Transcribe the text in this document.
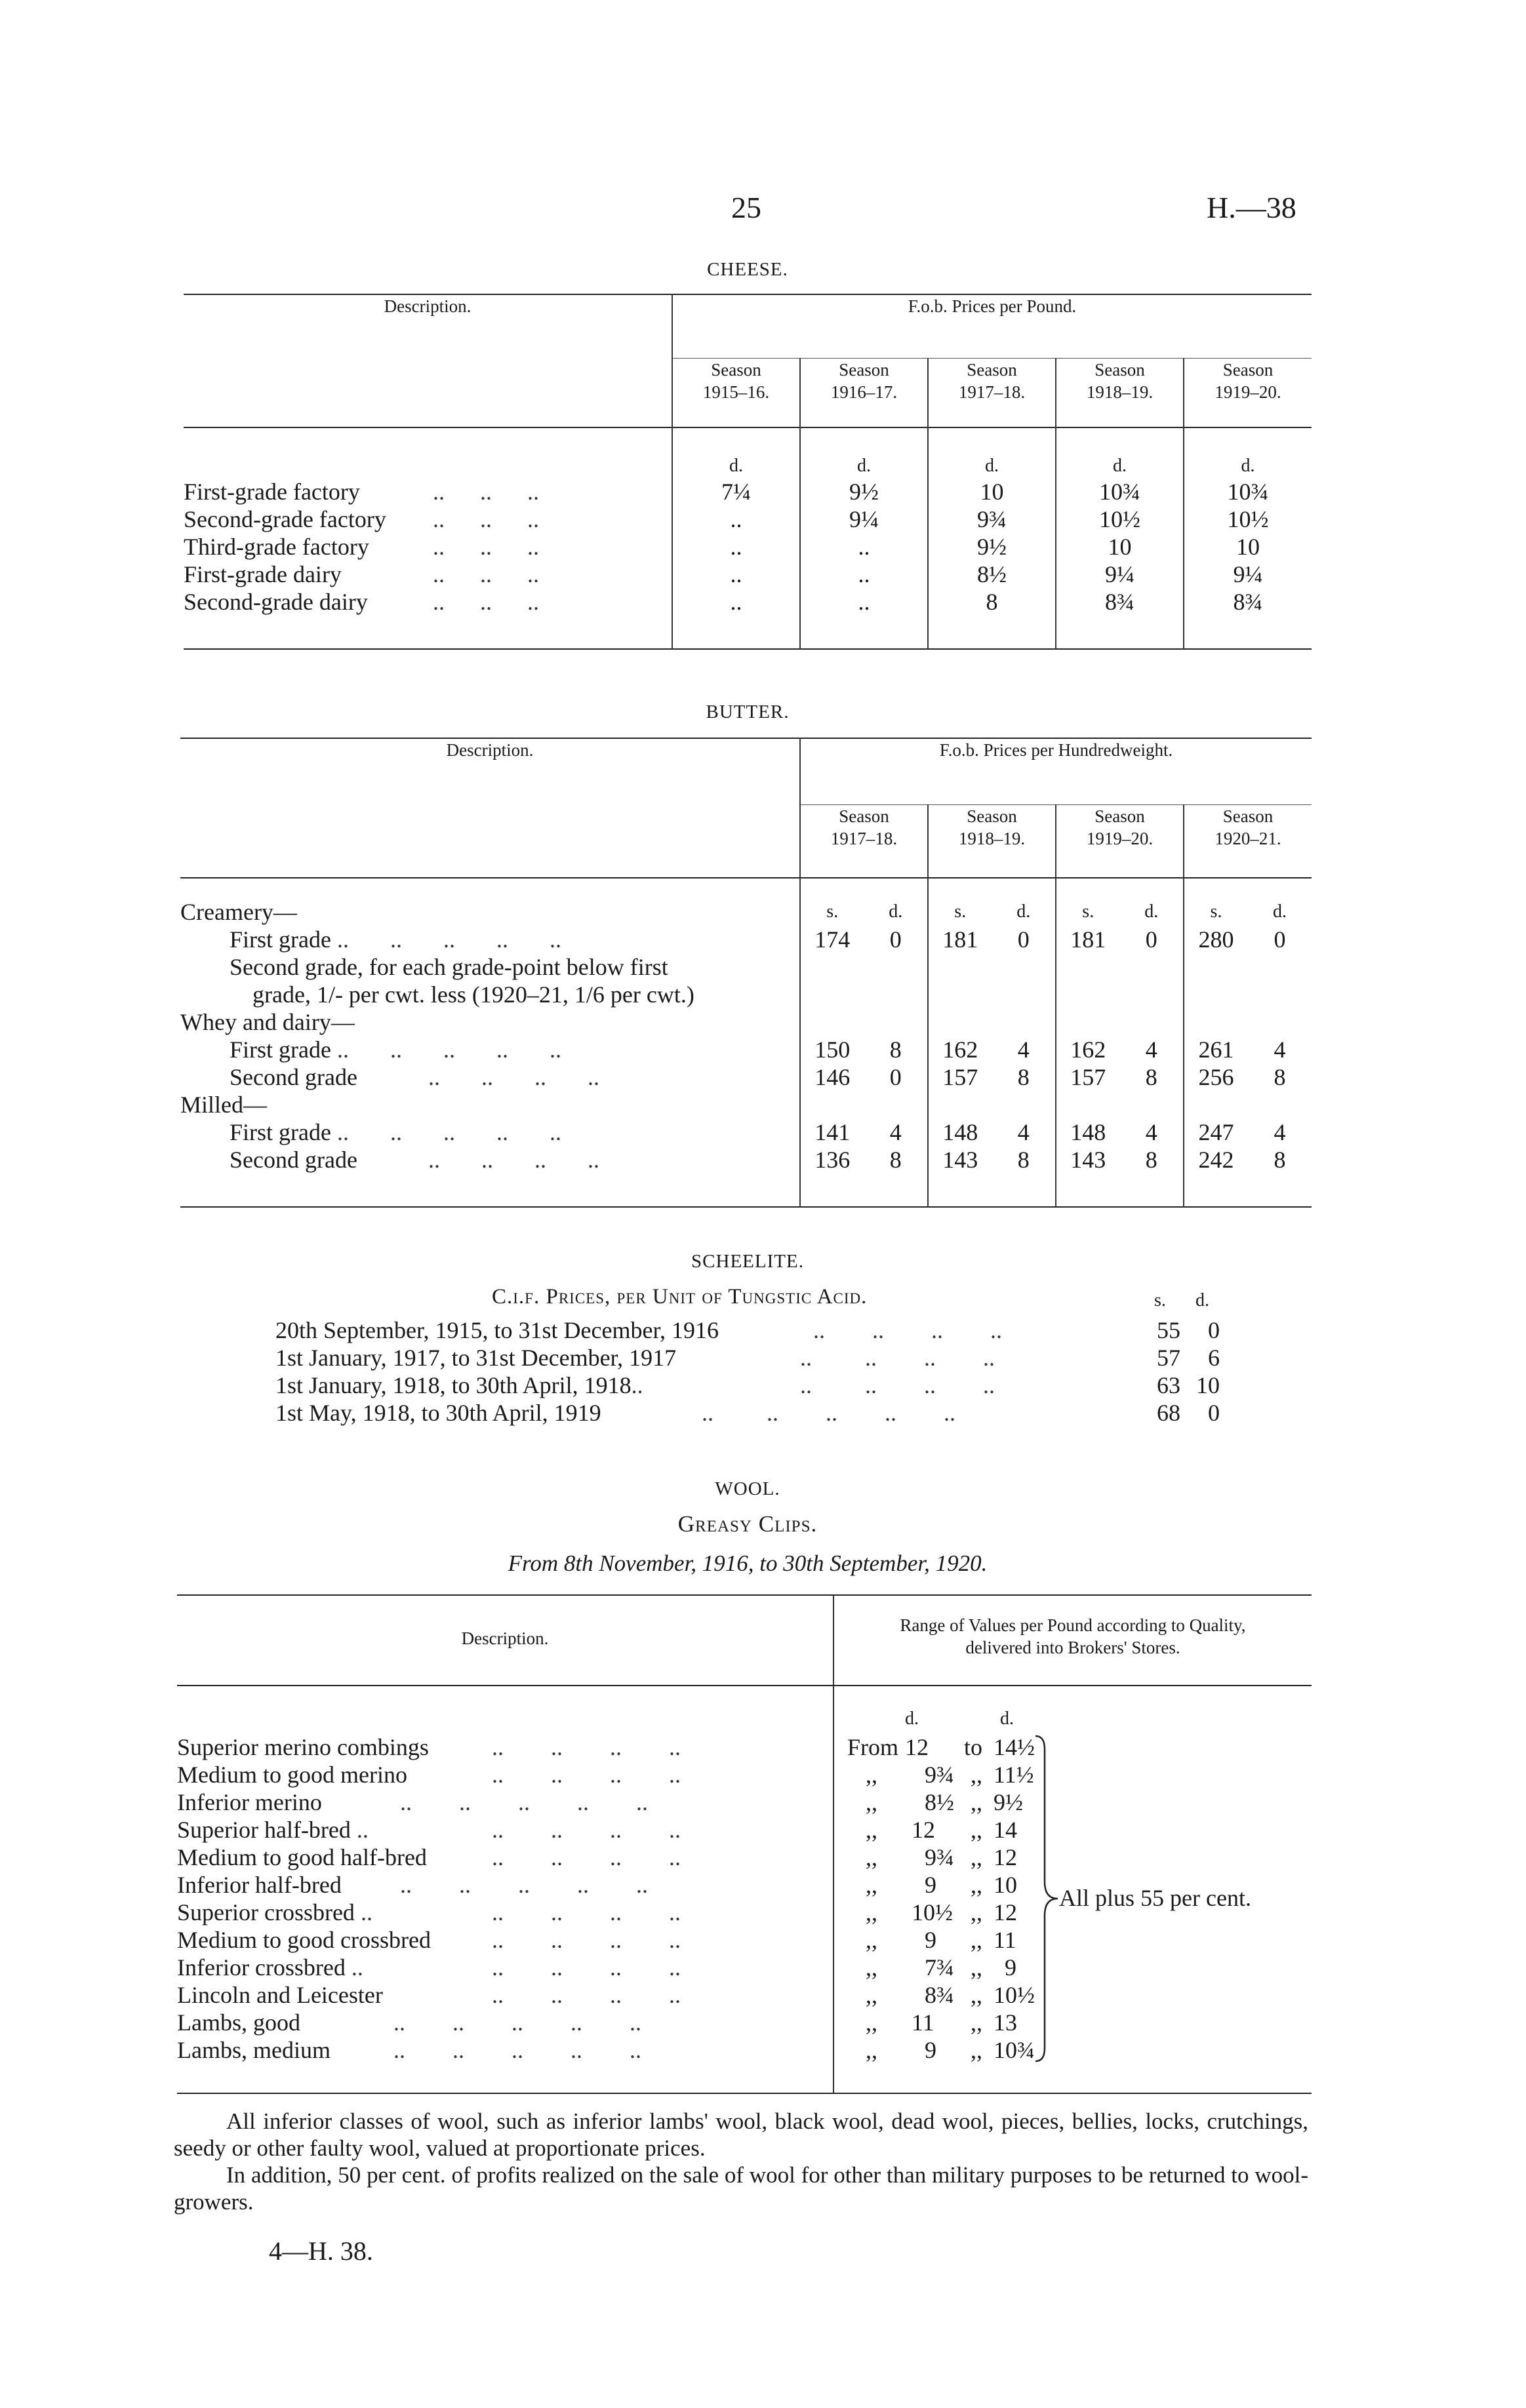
25	H.—38
CHEESE.
Description.	F.o.b. Prices per Pound.				

	Season 1915–16.	Season 1916–17.	Season 1917–18.	Season 1918–19.	Season 1919–20.

	d.	d.	d.	d.	d.
First-grade factory ..      ..      ..	7¼	9½	10	10¾	10¾
Second-grade factory ..      ..      ..	..	9¼	9¾	10½	10½
Third-grade factory ..      ..      ..	..	..	9½	10	10
First-grade dairy ..      ..      ..	..	..	8½	9¼	9¼
Second-grade dairy ..      ..      ..	..	..	8	8¾	8¾
BUTTER.
Description.	F.o.b. Prices per Hundredweight.			

	Season 1917–18.	Season 1918–19.	Season 1919–20.	Season 1920–21.

Creamery—	s. d.	s. d.	s. d.	s. d.
First grade ..       ..       ..       ..       ..	174 0	181 0	181 0	280 0
Second grade, for each grade-point below first				
grade, 1/- per cwt. less (1920–21, 1/6 per cwt.)				
Whey and dairy—				
First grade ..       ..       ..       ..       ..	150 8	162 4	162 4	261 4
Second grade            ..       ..       ..       ..	146 0	157 8	157 8	256 8
Milled—				
First grade ..       ..       ..       ..       ..	141 4	148 4	148 4	247 4
Second grade            ..       ..       ..       ..	136 8	143 8	143 8	242 8
SCHEELITE.
C.i.f. Prices, per Unit of Tungstic Acid.	s. d.
20th September, 1915, to 31st December, 1916	..        ..        ..        ..	55	0
1st January, 1917, to 31st December, 1917	..         ..        ..        ..	57	6
1st January, 1918, to 30th April, 1918..	..         ..        ..        ..	63 10
1st May, 1918, to 30th April, 1919	..         ..        ..        ..        ..	68	0
WOOL.
Greasy Clips.
From 8th November, 1916, to 30th September, 1920.
Description.
Range of Values per Pound according to Quality,
delivered into Brokers' Stores.
d.	d.
Superior merino combings	..        ..        ..        ..	From 12	to 14½
Medium to good merino	..        ..        ..        ..	,, 9¾ ,, 11½
Inferior merino	..        ..        ..        ..        ..	,, 8½ ,, 9½
Superior half-bred ..	..        ..        ..        ..	,, 12 ,, 14
Medium to good half-bred	..        ..        ..        ..	,, 9¾ ,, 12
Inferior half-bred ..        ..        ..        ..        ..	,, 9 ,, 10
Superior crossbred ..	..        ..        ..        ..	,, 10½ ,, 12
Medium to good crossbred	..        ..        ..        ..	,, 9 ,, 11
Inferior crossbred ..	..        ..        ..        ..	,, 7¾ ,, 9
Lincoln and Leicester	..        ..        ..        ..	,, 8¾ ,, 10½
Lambs, good	..        ..        ..        ..        ..	,, 11 ,, 13
Lambs, medium	..        ..        ..        ..        ..	,, 9 ,, 10¾
All plus 55 per cent.
All inferior classes of wool, such as inferior lambs' wool, black wool, dead wool, pieces, bellies, locks, crutchings, seedy or other faulty wool, valued at proportionate prices.
In addition, 50 per cent. of profits realized on the sale of wool for other than military purposes to be returned to wool-growers.
4—H. 38.
